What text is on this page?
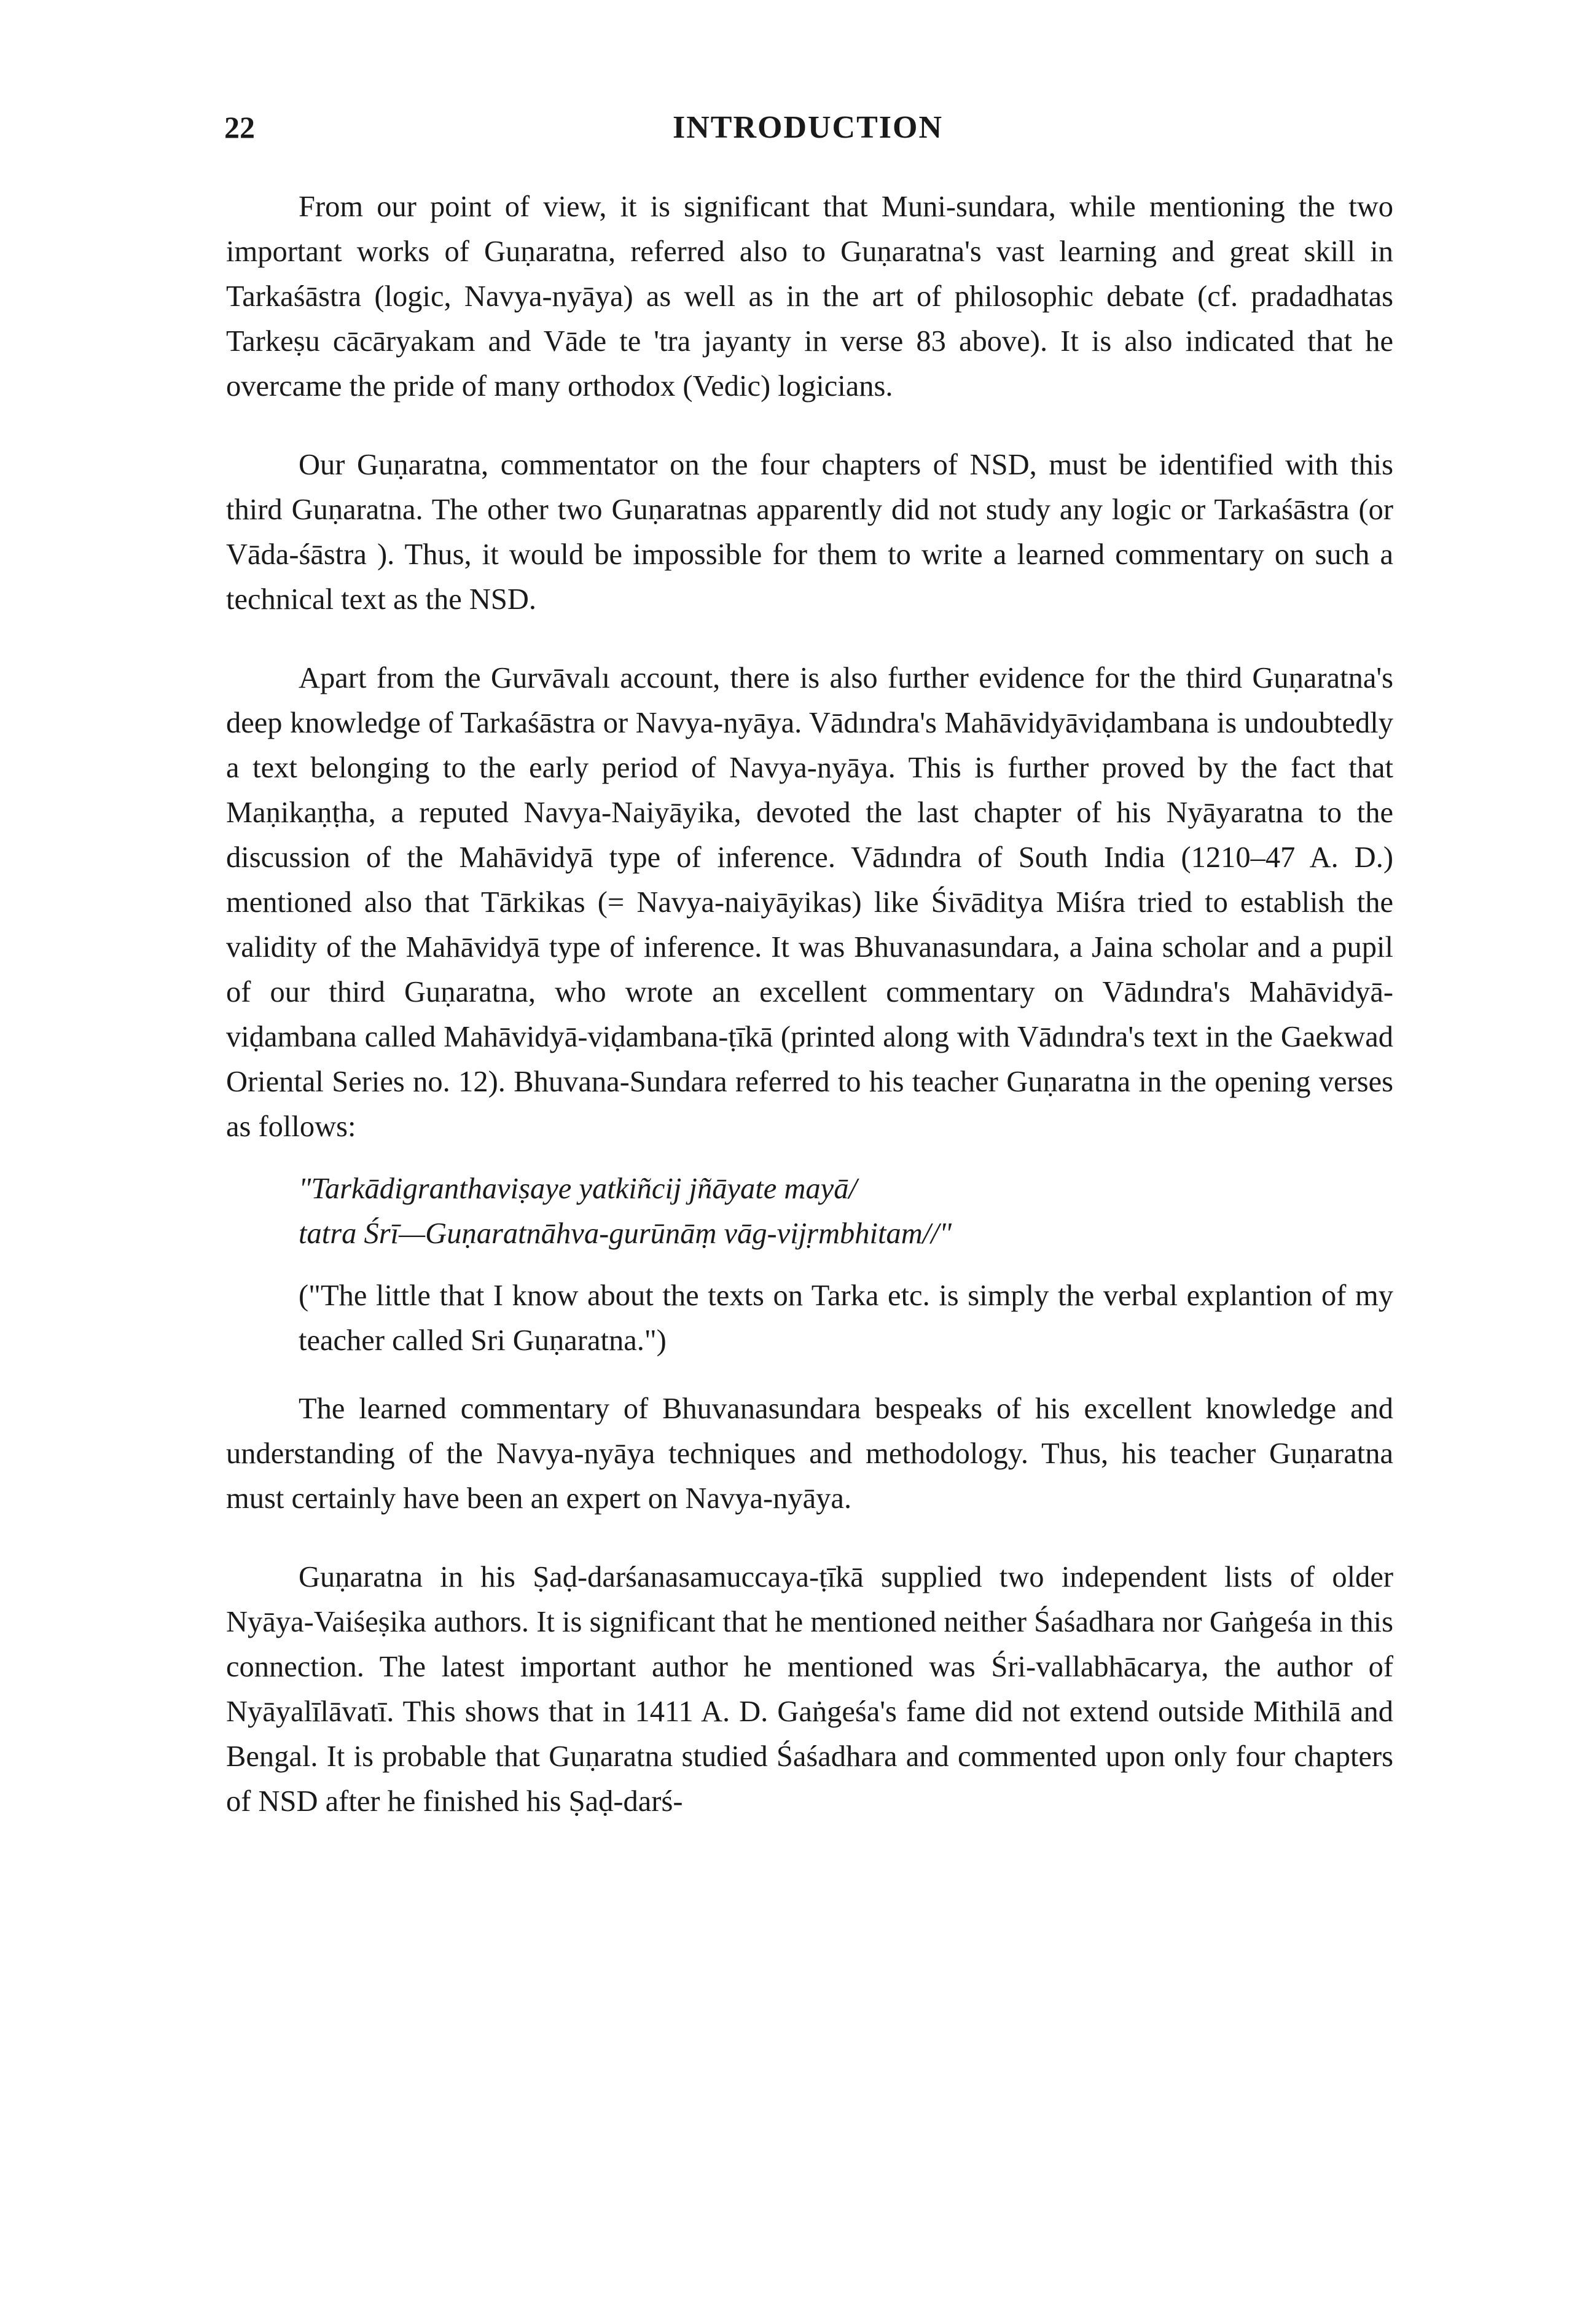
22	INTRODUCTION

From our point of view, it is significant that Muni-sundara, while mentioning the two important works of Guṇaratna, referred also to Guṇaratna's vast learning and great skill in Tarkaśāstra (logic, Navya-nyāya) as well as in the art of philosophic debate (cf. pradadhatas Tarkeṣu cācāryakam and Vāde te 'tra jayanty in verse 83 above). It is also indicated that he overcame the pride of many orthodox (Vedic) logicians.

Our Guṇaratna, commentator on the four chapters of NSD, must be identified with this third Guṇaratna. The other two Guṇaratnas apparently did not study any logic or Tarkaśāstra (or Vāda-śāstra ). Thus, it would be impossible for them to write a learned commentary on such a technical text as the NSD.

Apart from the Gurvāvalı account, there is also further evidence for the third Guṇaratna's deep knowledge of Tarkaśāstra or Navya-nyāya. Vādındra's Mahāvidyāviḍambana is undoubtedly a text belonging to the early period of Navya-nyāya. This is further proved by the fact that Maṇikaṇṭha, a reputed Navya-Naiyāyika, devoted the last chapter of his Nyāyaratna to the discussion of the Mahāvidyā type of inference. Vādındra of South India (1210–47 A. D.) mentioned also that Tārkikas (= Navya-naiyāyikas) like Śivāditya Miśra tried to establish the validity of the Mahāvidyā type of inference. It was Bhuvanasundara, a Jaina scholar and a pupil of our third Guṇaratna, who wrote an excellent commentary on Vādındra's Mahāvidyā-viḍambana called Mahāvidyā-viḍambana-ṭīkā (printed along with Vādındra's text in the Gaekwad Oriental Series no. 12). Bhuvana-Sundara referred to his teacher Guṇaratna in the opening verses as follows:

"Tarkādigranthaviṣaye yatkiñcij jñāyate mayā/
tatra Śrī—Guṇaratnāhva-gurūnāṃ vāg-vijṛmbhitam//"

("The little that I know about the texts on Tarka etc. is simply the verbal explantion of my teacher called Sri Guṇaratna.")

The learned commentary of Bhuvanasundara bespeaks of his excellent knowledge and understanding of the Navya-nyāya techniques and methodology. Thus, his teacher Guṇaratna must certainly have been an expert on Navya-nyāya.

Guṇaratna in his Ṣaḍ-darśanasamuccaya-ṭīkā supplied two independent lists of older Nyāya-Vaiśeṣika authors. It is significant that he mentioned neither Śaśadhara nor Gaṅgeśa in this connection. The latest important author he mentioned was Śri-vallabhācarya, the author of Nyāyalīlāvatī. This shows that in 1411 A. D. Gaṅgeśa's fame did not extend outside Mithilā and Bengal. It is probable that Guṇaratna studied Śaśadhara and commented upon only four chapters of NSD after he finished his Ṣaḍ-darś-
